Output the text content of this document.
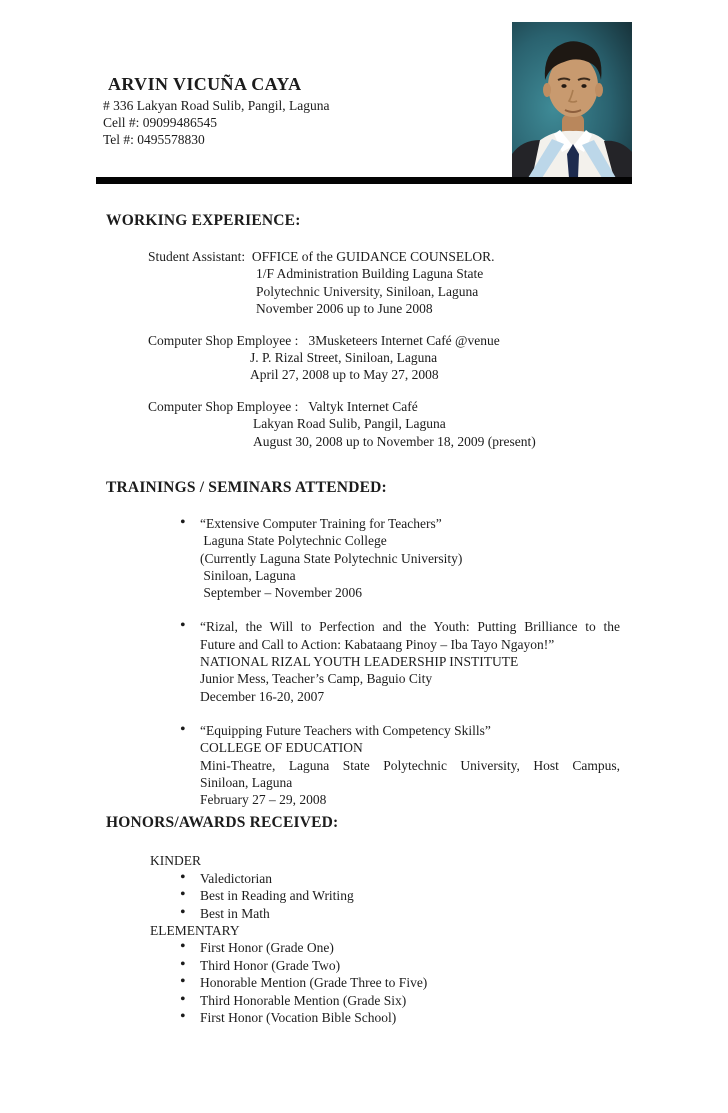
ARVIN VICUÑA CAYA
# 336 Lakyan Road Sulib, Pangil, Laguna
Cell #: 09099486545
Tel #: 0495578830
WORKING EXPERIENCE:
Student Assistant:  OFFICE of the GUIDANCE COUNSELOR.
1/F Administration Building Laguna State
Polytechnic University, Siniloan, Laguna
November 2006 up to June 2008
Computer Shop Employee :   3Musketeers Internet Café @venue
J. P. Rizal Street, Siniloan, Laguna
April 27, 2008 up to May 27, 2008
Computer Shop Employee :   Valtyk Internet Café
Lakyan Road Sulib, Pangil, Laguna
August 30, 2008 up to November 18, 2009 (present)
TRAININGS / SEMINARS ATTENDED:
• “Extensive Computer Training for Teachers”
Laguna State Polytechnic College
(Currently Laguna State Polytechnic University)
Siniloan, Laguna
September – November 2006
• “Rizal, the Will to Perfection and the Youth: Putting Brilliance to the
Future and Call to Action: Kabataang Pinoy – Iba Tayo Ngayon!”
NATIONAL RIZAL YOUTH LEADERSHIP INSTITUTE
Junior Mess, Teacher’s Camp, Baguio City
December 16-20, 2007
• “Equipping Future Teachers with Competency Skills”
COLLEGE OF EDUCATION
Mini-Theatre, Laguna State Polytechnic University, Host Campus,
Siniloan, Laguna
February 27 – 29, 2008
HONORS/AWARDS RECEIVED:
KINDER
• Valedictorian
• Best in Reading and Writing
• Best in Math
ELEMENTARY
• First Honor (Grade One)
• Third Honor (Grade Two)
• Honorable Mention (Grade Three to Five)
• Third Honorable Mention (Grade Six)
• First Honor (Vocation Bible School)
